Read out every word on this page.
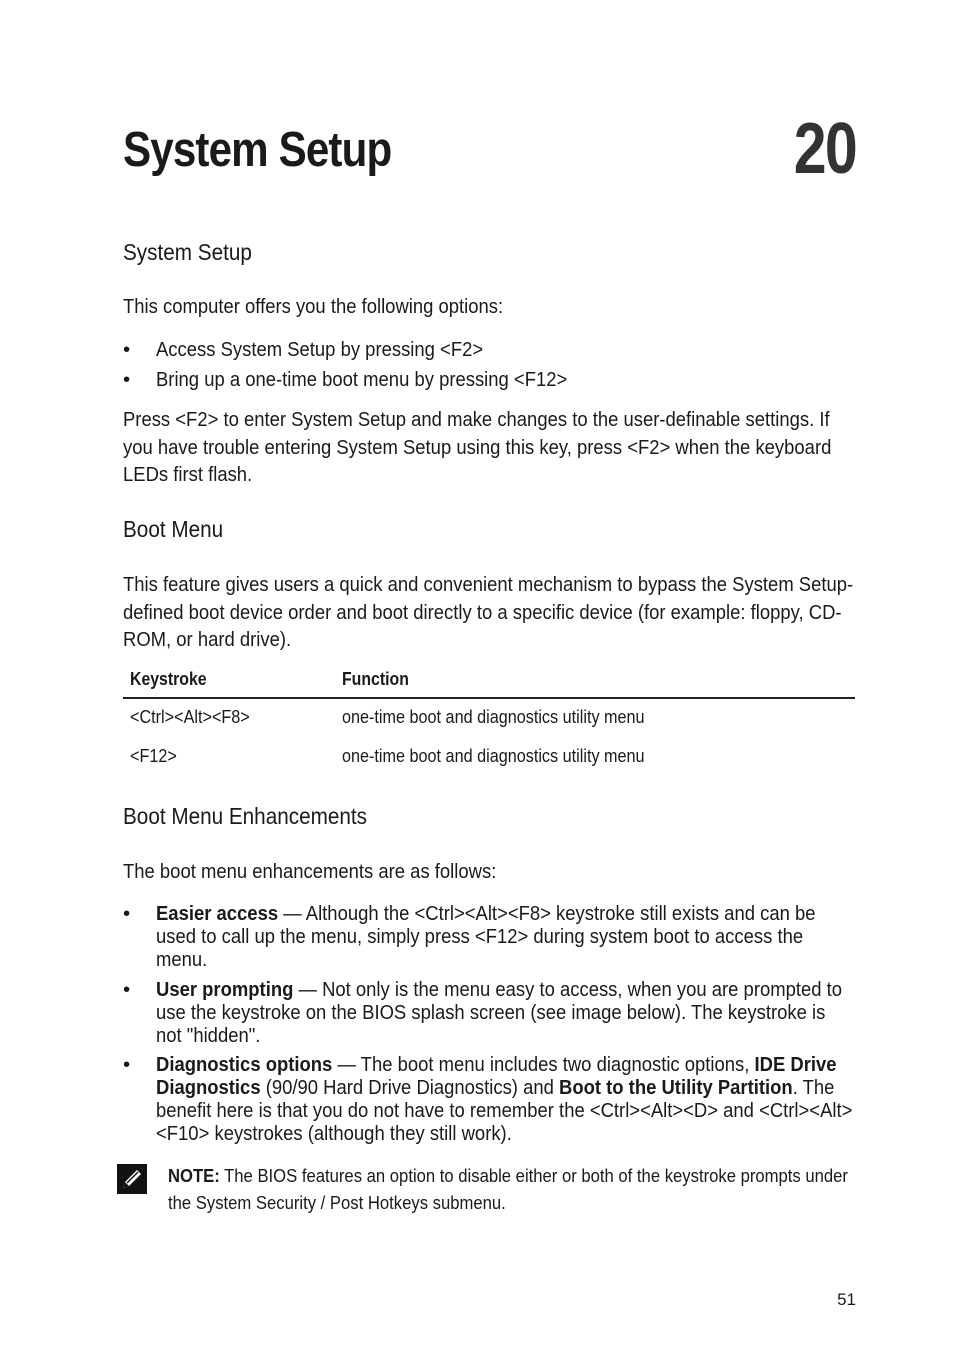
System Setup	20
System Setup
This computer offers you the following options:
• Access System Setup by pressing <F2>
• Bring up a one-time boot menu by pressing <F12>
Press <F2> to enter System Setup and make changes to the user-definable settings. If you have trouble entering System Setup using this key, press <F2> when the keyboard LEDs first flash.
Boot Menu
This feature gives users a quick and convenient mechanism to bypass the System Setup-defined boot device order and boot directly to a specific device (for example: floppy, CD-ROM, or hard drive).
Keystroke	Function
<Ctrl><Alt><F8>	one-time boot and diagnostics utility menu
<F12>	one-time boot and diagnostics utility menu
Boot Menu Enhancements
The boot menu enhancements are as follows:
• Easier access — Although the <Ctrl><Alt><F8> keystroke still exists and can be used to call up the menu, simply press <F12> during system boot to access the menu.
• User prompting — Not only is the menu easy to access, when you are prompted to use the keystroke on the BIOS splash screen (see image below). The keystroke is not "hidden".
• Diagnostics options — The boot menu includes two diagnostic options, IDE Drive Diagnostics (90/90 Hard Drive Diagnostics) and Boot to the Utility Partition. The benefit here is that you do not have to remember the <Ctrl><Alt><D> and <Ctrl><Alt><F10> keystrokes (although they still work).
NOTE: The BIOS features an option to disable either or both of the keystroke prompts under the System Security / Post Hotkeys submenu.
51
